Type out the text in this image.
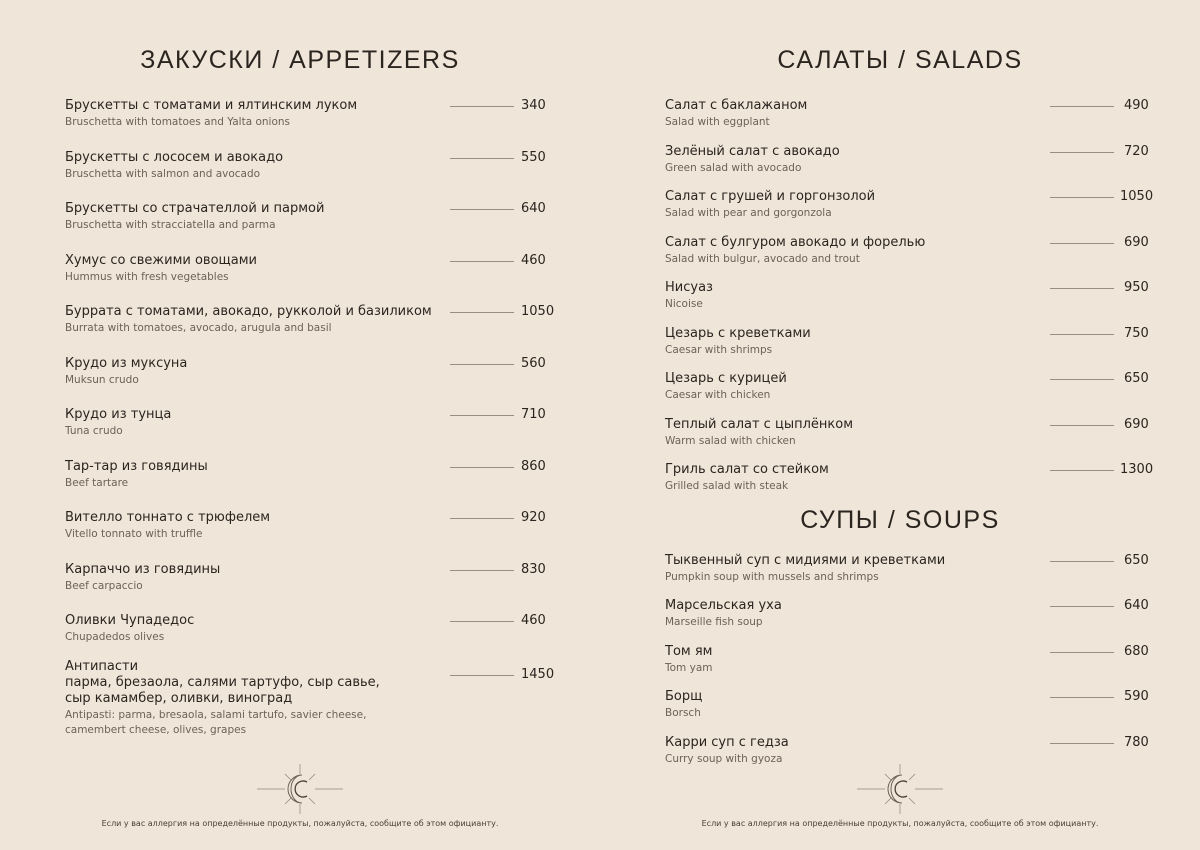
ЗАКУСКИ / APPETIZERS
Брускетты с томатами и ялтинским луком
Bruschetta with tomatoes and Yalta onions
340
Брускетты с лососем и авокадо
Bruschetta with salmon and avocado
550
Брускетты со страчателлой и пармой
Bruschetta with stracciatella and parma
640
Хумус со свежими овощами
Hummus with fresh vegetables
460
Буррата с томатами, авокадо, рукколой и базиликом
Burrata with tomatoes, avocado, arugula and basil
1050
Крудо из муксуна
Muksun crudo
560
Крудо из тунца
Tuna crudo
710
Тар-тар из говядины
Beef tartare
860
Вителло тоннато с трюфелем
Vitello tonnato with truffle
920
Карпаччо из говядины
Beef carpaccio
830
Оливки Чупадедос
Chupadedos olives
460
Антипасти
парма, брезаола, салями тартуфо, сыр савье,
сыр камамбер, оливки, виноград
Antipasti: parma, bresaola, salami tartufo, savier cheese,
camembert cheese, olives, grapes
1450
Если у вас аллергия на определённые продукты, пожалуйста, сообщите об этом официанту.
САЛАТЫ / SALADS
Салат с баклажаном
Salad with eggplant
490
Зелёный салат с авокадо
Green salad with avocado
720
Салат с грушей и горгонзолой
Salad with pear and gorgonzola
1050
Салат с булгуром авокадо и форелью
Salad with bulgur, avocado and trout
690
Нисуаз
Nicoise
950
Цезарь с креветками
Caesar with shrimps
750
Цезарь с курицей
Caesar with chicken
650
Теплый салат с цыплёнком
Warm salad with chicken
690
Гриль салат со стейком
Grilled salad with steak
1300
СУПЫ / SOUPS
Тыквенный суп с мидиями и креветками
Pumpkin soup with mussels and shrimps
650
Марсельская уха
Marseille fish soup
640
Том ям
Tom yam
680
Борщ
Borsch
590
Карри суп с гедза
Curry soup with gyoza
780
Если у вас аллергия на определённые продукты, пожалуйста, сообщите об этом официанту.
